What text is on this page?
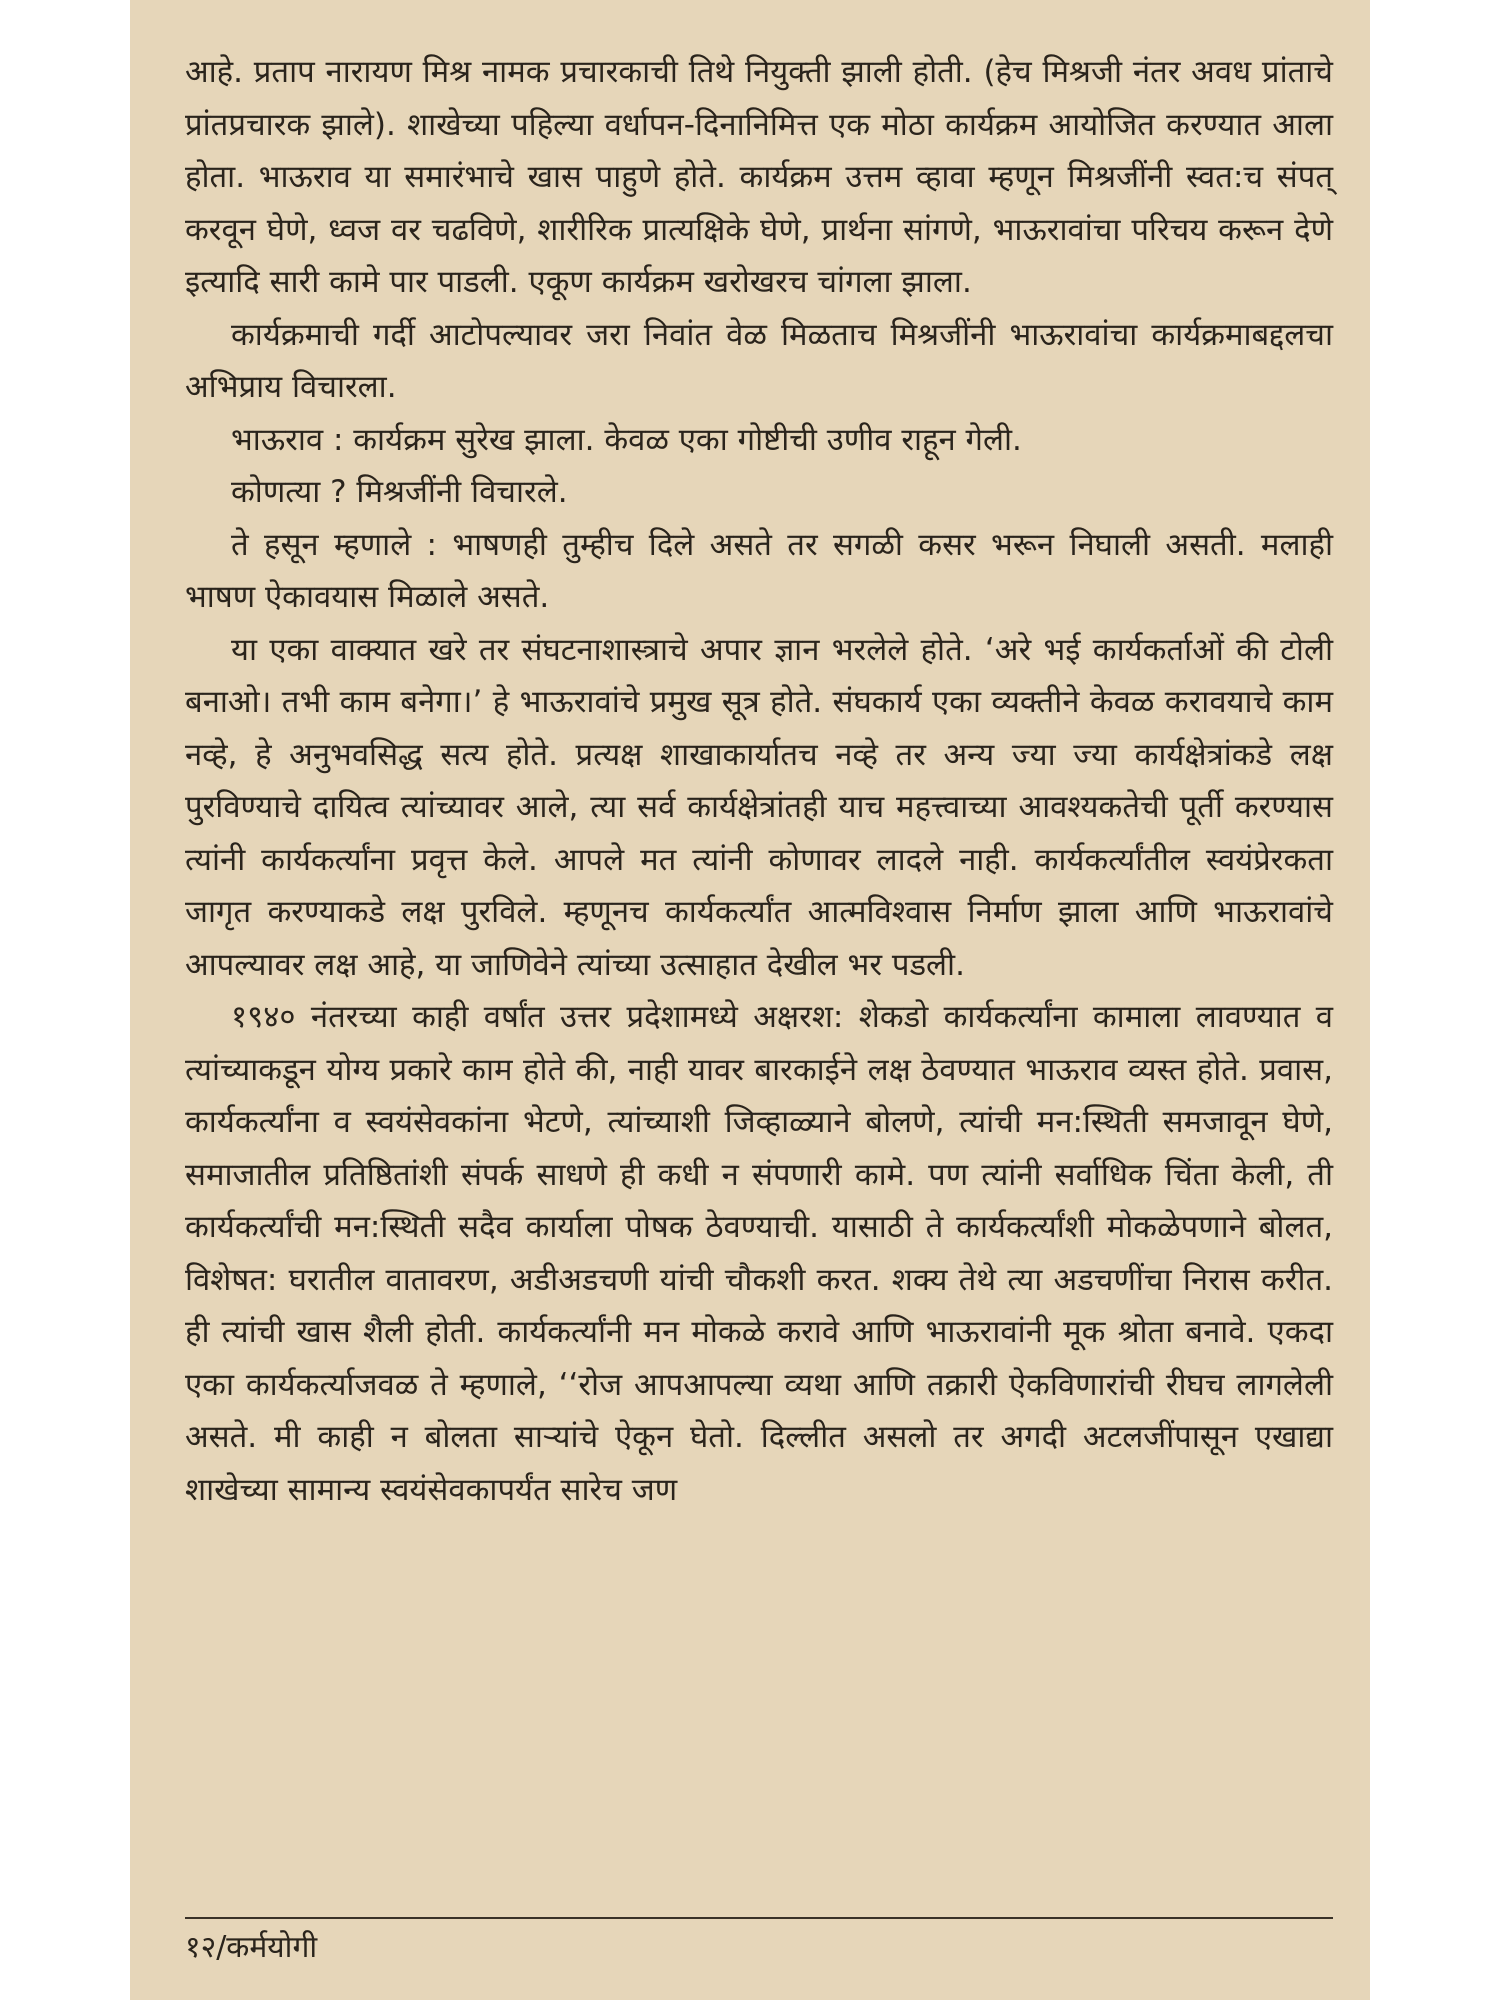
आहे. प्रताप नारायण मिश्र नामक प्रचारकाची तिथे नियुक्ती झाली होती. (हेच मिश्रजी नंतर अवध प्रांताचे प्रांतप्रचारक झाले). शाखेच्या पहिल्या वर्धापन-दिनानिमित्त एक मोठा कार्यक्रम आयोजित करण्यात आला होता. भाऊराव या समारंभाचे खास पाहुणे होते. कार्यक्रम उत्तम व्हावा म्हणून मिश्रजींनी स्वत:च संपत् करवून घेणे, ध्वज वर चढविणे, शारीरिक प्रात्यक्षिके घेणे, प्रार्थना सांगणे, भाऊरावांचा परिचय करून देणे इत्यादि सारी कामे पार पाडली. एकूण कार्यक्रम खरोखरच चांगला झाला.

कार्यक्रमाची गर्दी आटोपल्यावर जरा निवांत वेळ मिळताच मिश्रजींनी भाऊरावांचा कार्यक्रमाबद्दलचा अभिप्राय विचारला.

भाऊराव : कार्यक्रम सुरेख झाला. केवळ एका गोष्टीची उणीव राहून गेली.

कोणत्या ? मिश्रजींनी विचारले.

ते हसून म्हणाले : भाषणही तुम्हीच दिले असते तर सगळी कसर भरून निघाली असती. मलाही भाषण ऐकावयास मिळाले असते.

या एका वाक्यात खरे तर संघटनाशास्त्राचे अपार ज्ञान भरलेले होते. ‘अरे भई कार्यकर्ताओं की टोली बनाओ। तभी काम बनेगा।’ हे भाऊरावांचे प्रमुख सूत्र होते. संघकार्य एका व्यक्तीने केवळ करावयाचे काम नव्हे, हे अनुभवसिद्ध सत्य होते. प्रत्यक्ष शाखाकार्यातच नव्हे तर अन्य ज्या ज्या कार्यक्षेत्रांकडे लक्ष पुरविण्याचे दायित्व त्यांच्यावर आले, त्या सर्व कार्यक्षेत्रांतही याच महत्त्वाच्या आवश्यकतेची पूर्ती करण्यास त्यांनी कार्यकर्त्यांना प्रवृत्त केले. आपले मत त्यांनी कोणावर लादले नाही. कार्यकर्त्यांतील स्वयंप्रेरकता जागृत करण्याकडे लक्ष पुरविले. म्हणूनच कार्यकर्त्यांत आत्मविश्वास निर्माण झाला आणि भाऊरावांचे आपल्यावर लक्ष आहे, या जाणिवेने त्यांच्या उत्साहात देखील भर पडली.

१९४० नंतरच्या काही वर्षांत उत्तर प्रदेशामध्ये अक्षरश: शेकडो कार्यकर्त्यांना कामाला लावण्यात व त्यांच्याकडून योग्य प्रकारे काम होते की, नाही यावर बारकाईने लक्ष ठेवण्यात भाऊराव व्यस्त होते. प्रवास, कार्यकर्त्यांना व स्वयंसेवकांना भेटणे, त्यांच्याशी जिव्हाळ्याने बोलणे, त्यांची मन:स्थिती समजावून घेणे, समाजातील प्रतिष्ठितांशी संपर्क साधणे ही कधी न संपणारी कामे. पण त्यांनी सर्वाधिक चिंता केली, ती कार्यकर्त्यांची मन:स्थिती सदैव कार्याला पोषक ठेवण्याची. यासाठी ते कार्यकर्त्यांशी मोकळेपणाने बोलत, विशेषत: घरातील वातावरण, अडीअडचणी यांची चौकशी करत. शक्य तेथे त्या अडचणींचा निरास करीत. ही त्यांची खास शैली होती. कार्यकर्त्यांनी मन मोकळे करावे आणि भाऊरावांनी मूक श्रोता बनावे. एकदा एका कार्यकर्त्याजवळ ते म्हणाले, ‘‘रोज आपआपल्या व्यथा आणि तक्रारी ऐकविणारांची रीघच लागलेली असते. मी काही न बोलता साऱ्यांचे ऐकून घेतो. दिल्लीत असलो तर अगदी अटलजींपासून एखाद्या शाखेच्या सामान्य स्वयंसेवकापर्यंत सारेच जण

१२/कर्मयोगी
